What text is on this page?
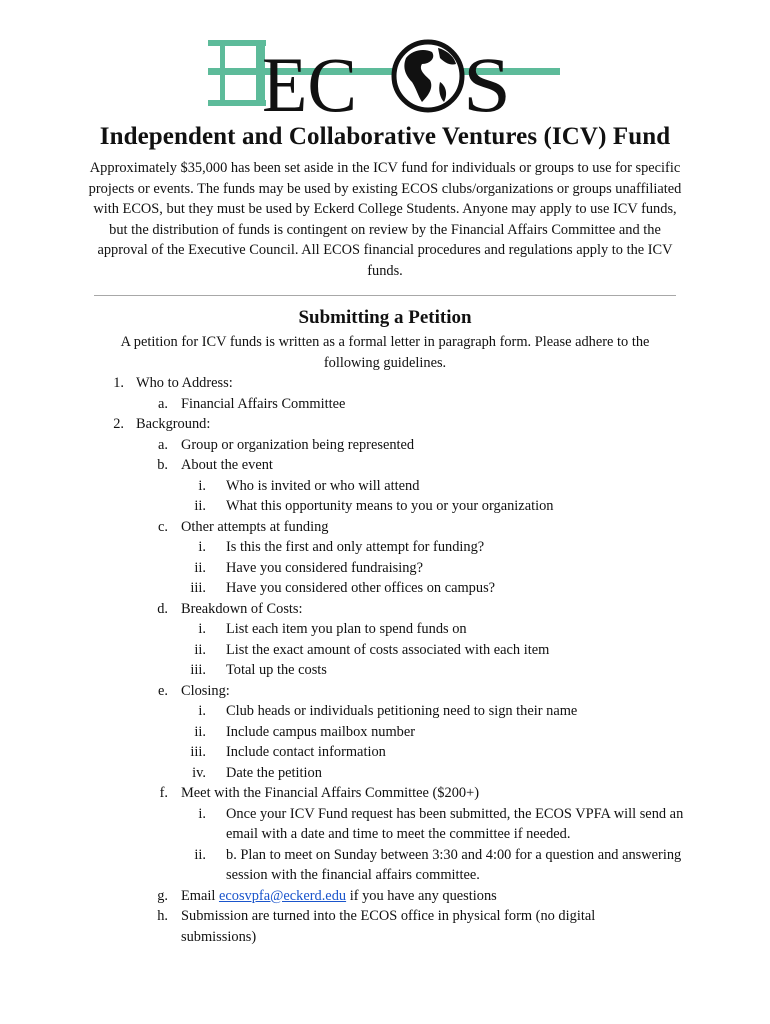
EC S
Independent and Collaborative Ventures (ICV) Fund

Approximately $35,000 has been set aside in the ICV fund for individuals or groups to use for specific projects or events. The funds may be used by existing ECOS clubs/organizations or groups unaffiliated with ECOS, but they must be used by Eckerd College Students. Anyone may apply to use ICV funds, but the distribution of funds is contingent on review by the Financial Affairs Committee and the approval of the Executive Council. All ECOS financial procedures and regulations apply to the ICV funds.

Submitting a Petition

A petition for ICV funds is written as a formal letter in paragraph form. Please adhere to the following guidelines.

1. Who to Address:
a. Financial Affairs Committee
2. Background:
a. Group or organization being represented
b. About the event
i. Who is invited or who will attend
ii. What this opportunity means to you or your organization
c. Other attempts at funding
i. Is this the first and only attempt for funding?
ii. Have you considered fundraising?
iii. Have you considered other offices on campus?
d. Breakdown of Costs:
i. List each item you plan to spend funds on
ii. List the exact amount of costs associated with each item
iii. Total up the costs
e. Closing:
i. Club heads or individuals petitioning need to sign their name
ii. Include campus mailbox number
iii. Include contact information
iv. Date the petition
f. Meet with the Financial Affairs Committee ($200+)
i. Once your ICV Fund request has been submitted, the ECOS VPFA will send an email with a date and time to meet the committee if needed.
ii. b. Plan to meet on Sunday between 3:30 and 4:00 for a question and answering session with the financial affairs committee.
g. Email ecosvpfa@eckerd.edu if you have any questions
h. Submission are turned into the ECOS office in physical form (no digital submissions)
